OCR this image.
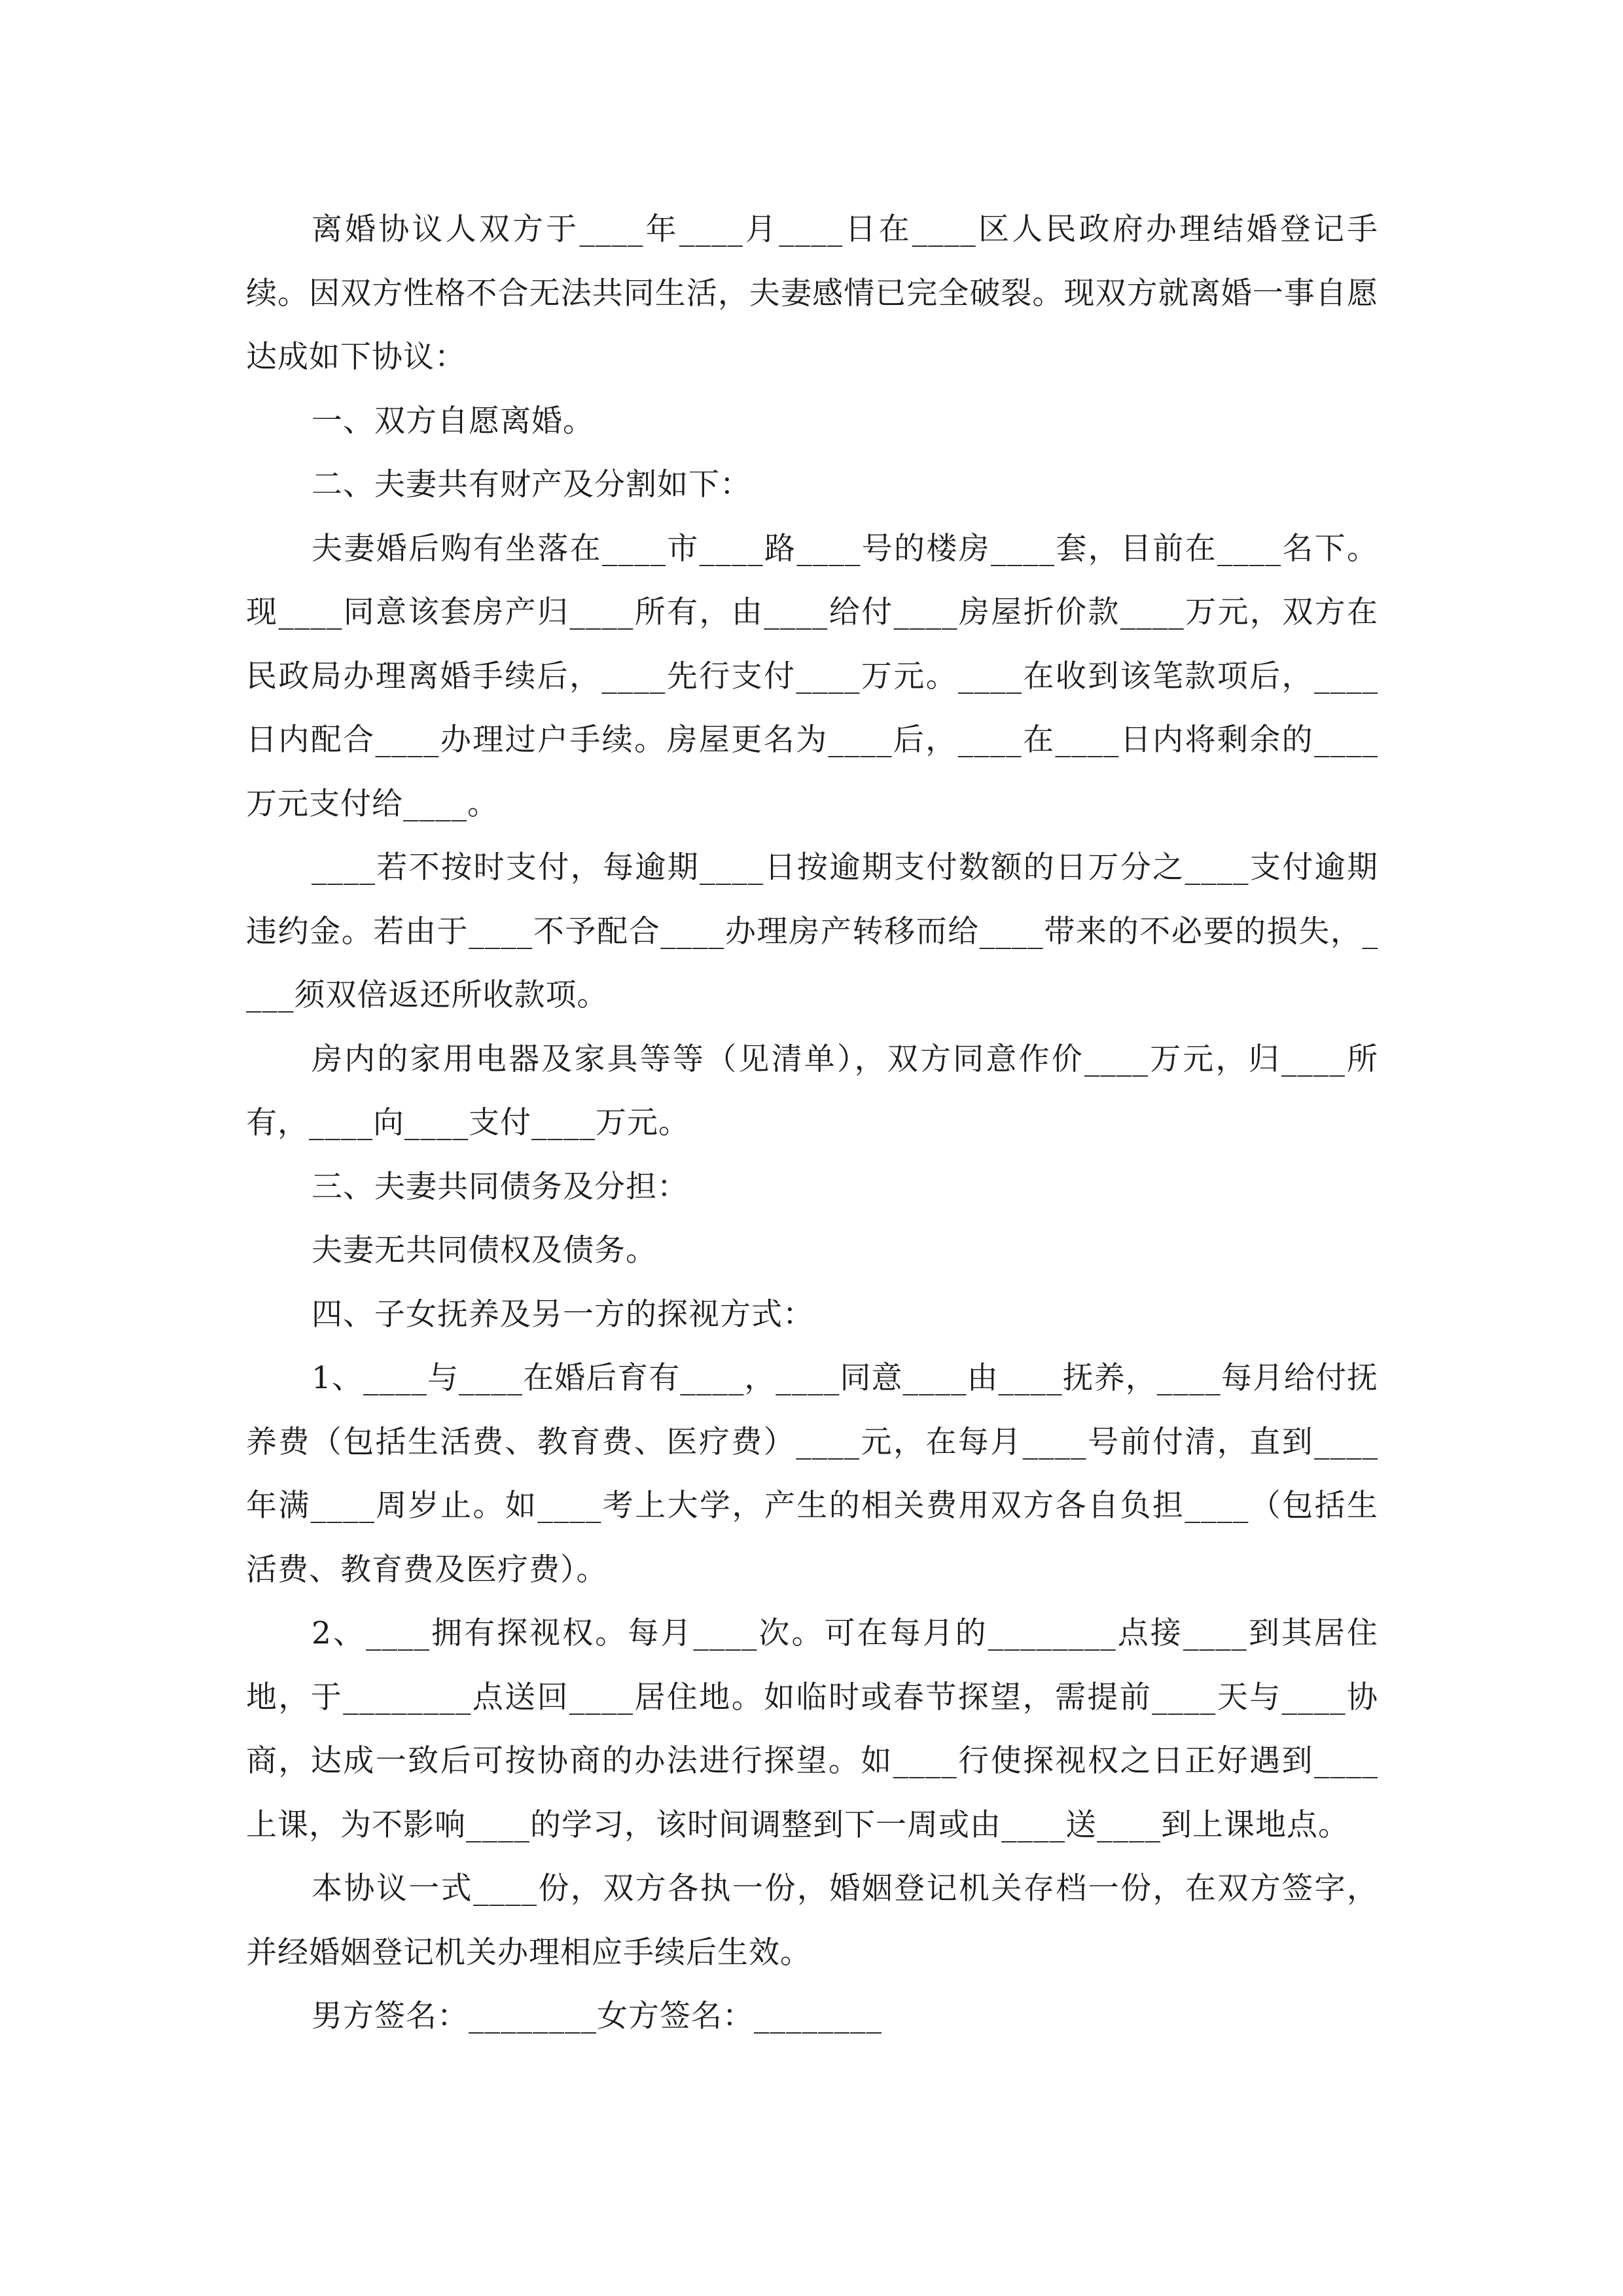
离婚协议人双方于____年____月____日在____区人民政府办理结婚登记手续。因双方性格不合无法共同生活，夫妻感情已完全破裂。现双方就离婚一事自愿达成如下协议：

一、双方自愿离婚。

二、夫妻共有财产及分割如下：

夫妻婚后购有坐落在____市____路____号的楼房____套，目前在____名下。现____同意该套房产归____所有，由____给付____房屋折价款____万元，双方在民政局办理离婚手续后，____先行支付____万元。____在收到该笔款项后，____日内配合____办理过户手续。房屋更名为____后，____在____日内将剩余的____万元支付给____。

____若不按时支付，每逾期____日按逾期支付数额的日万分之____支付逾期违约金。若由于____不予配合____办理房产转移而给____带来的不必要的损失，____须双倍返还所收款项。

房内的家用电器及家具等等（见清单），双方同意作价____万元，归____所有，____向____支付____万元。

三、夫妻共同债务及分担：

夫妻无共同债权及债务。

四、子女抚养及另一方的探视方式：

1、____与____在婚后育有____，____同意____由____抚养，____每月给付抚养费（包括生活费、教育费、医疗费）____元，在每月____号前付清，直到____年满____周岁止。如____考上大学，产生的相关费用双方各自负担____（包括生活费、教育费及医疗费）。

2、____拥有探视权。每月____次。可在每月的________点接____到其居住地，于________点送回____居住地。如临时或春节探望，需提前____天与____协商，达成一致后可按协商的办法进行探望。如____行使探视权之日正好遇到____上课，为不影响____的学习，该时间调整到下一周或由____送____到上课地点。

本协议一式____份，双方各执一份，婚姻登记机关存档一份，在双方签字，并经婚姻登记机关办理相应手续后生效。

男方签名：________女方签名：________
